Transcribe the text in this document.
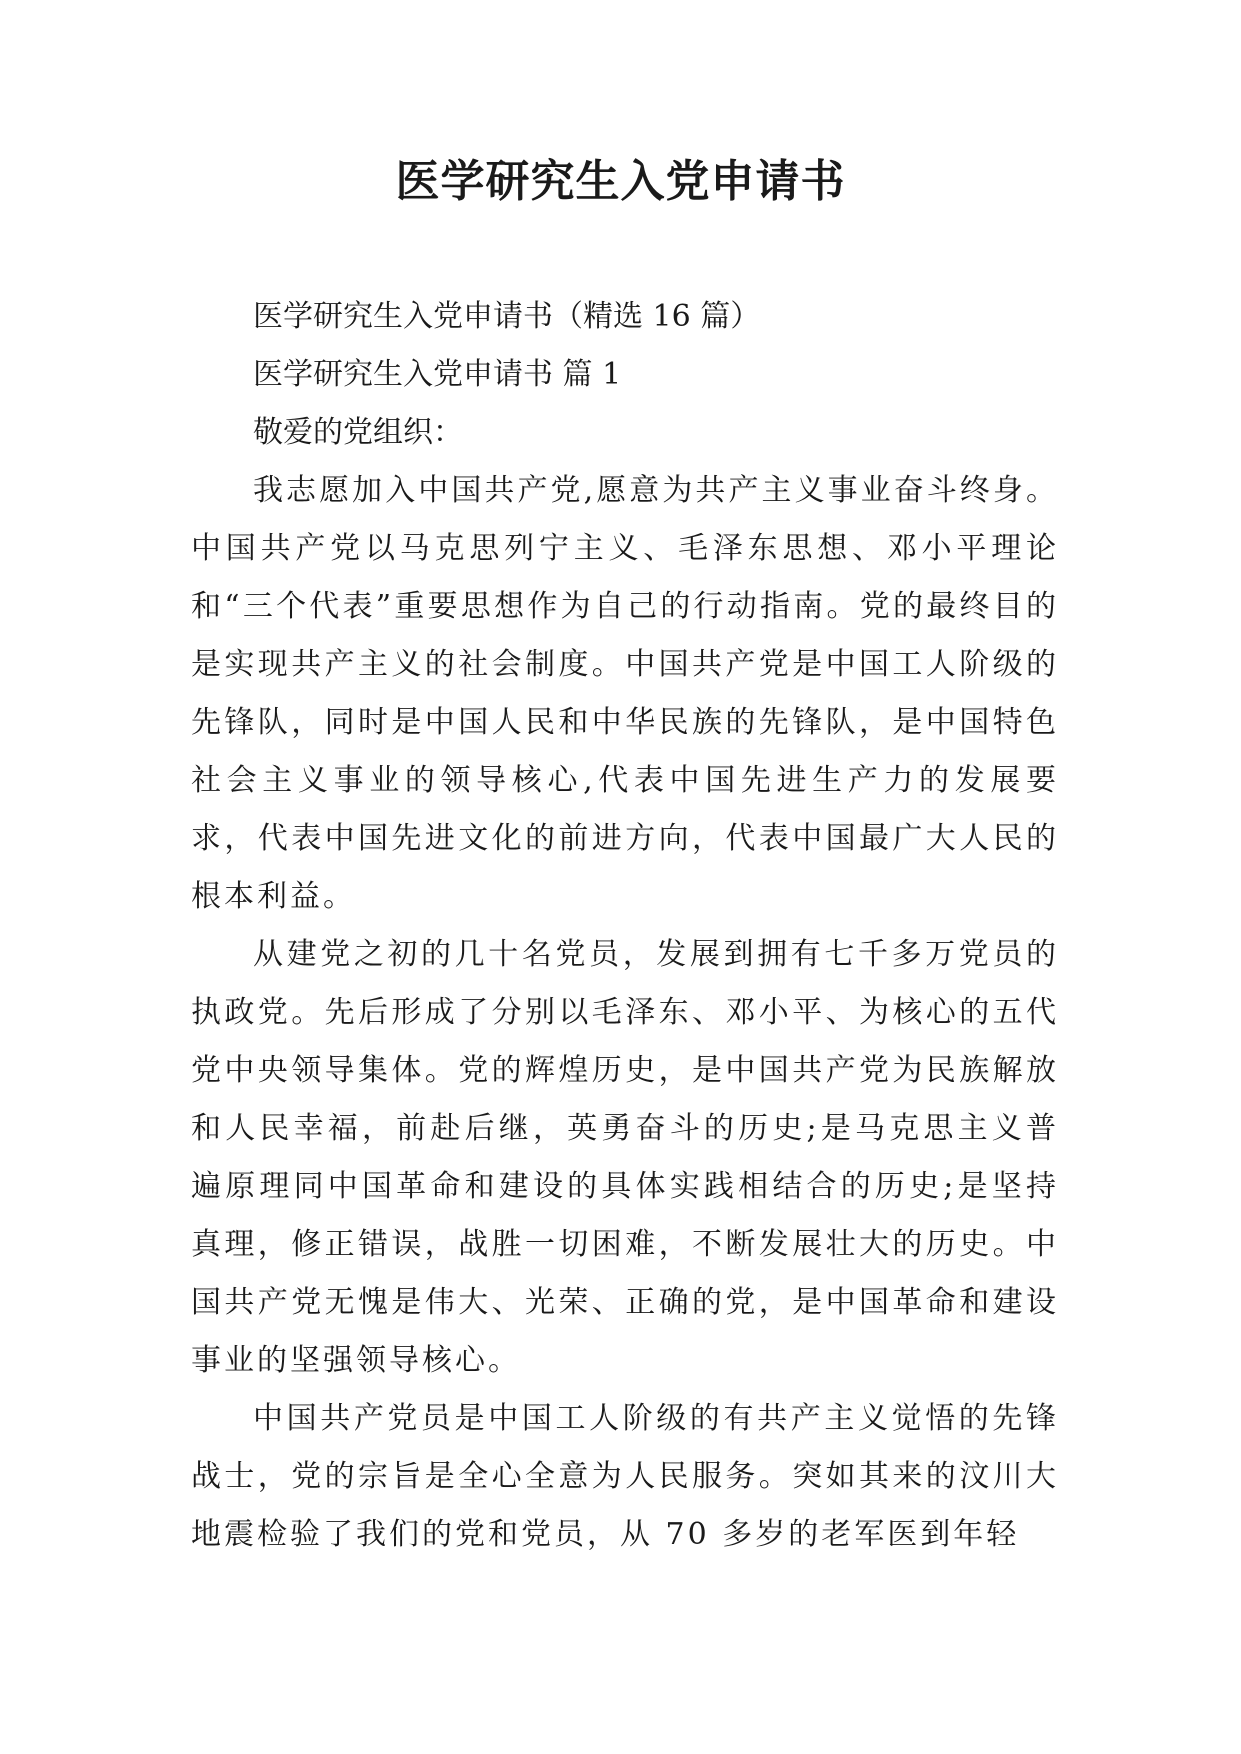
医学研究生入党申请书

医学研究生入党申请书（精选 16 篇）

医学研究生入党申请书 篇 1

敬爱的党组织：

我志愿加入中国共产党,愿意为共产主义事业奋斗终身。中国共产党以马克思列宁主义、毛泽东思想、邓小平理论和“三个代表”重要思想作为自己的行动指南。党的最终目的是实现共产主义的社会制度。中国共产党是中国工人阶级的先锋队，同时是中国人民和中华民族的先锋队，是中国特色社会主义事业的领导核心,代表中国先进生产力的发展要求，代表中国先进文化的前进方向，代表中国最广大人民的根本利益。

从建党之初的几十名党员，发展到拥有七千多万党员的执政党。先后形成了分别以毛泽东、邓小平、为核心的五代党中央领导集体。党的辉煌历史，是中国共产党为民族解放和人民幸福，前赴后继，英勇奋斗的历史;是马克思主义普遍原理同中国革命和建设的具体实践相结合的历史;是坚持真理，修正错误，战胜一切困难，不断发展壮大的历史。中国共产党无愧是伟大、光荣、正确的党，是中国革命和建设事业的坚强领导核心。

中国共产党员是中国工人阶级的有共产主义觉悟的先锋战士，党的宗旨是全心全意为人民服务。突如其来的汶川大地震检验了我们的党和党员，从 70 多岁的老军医到年轻
